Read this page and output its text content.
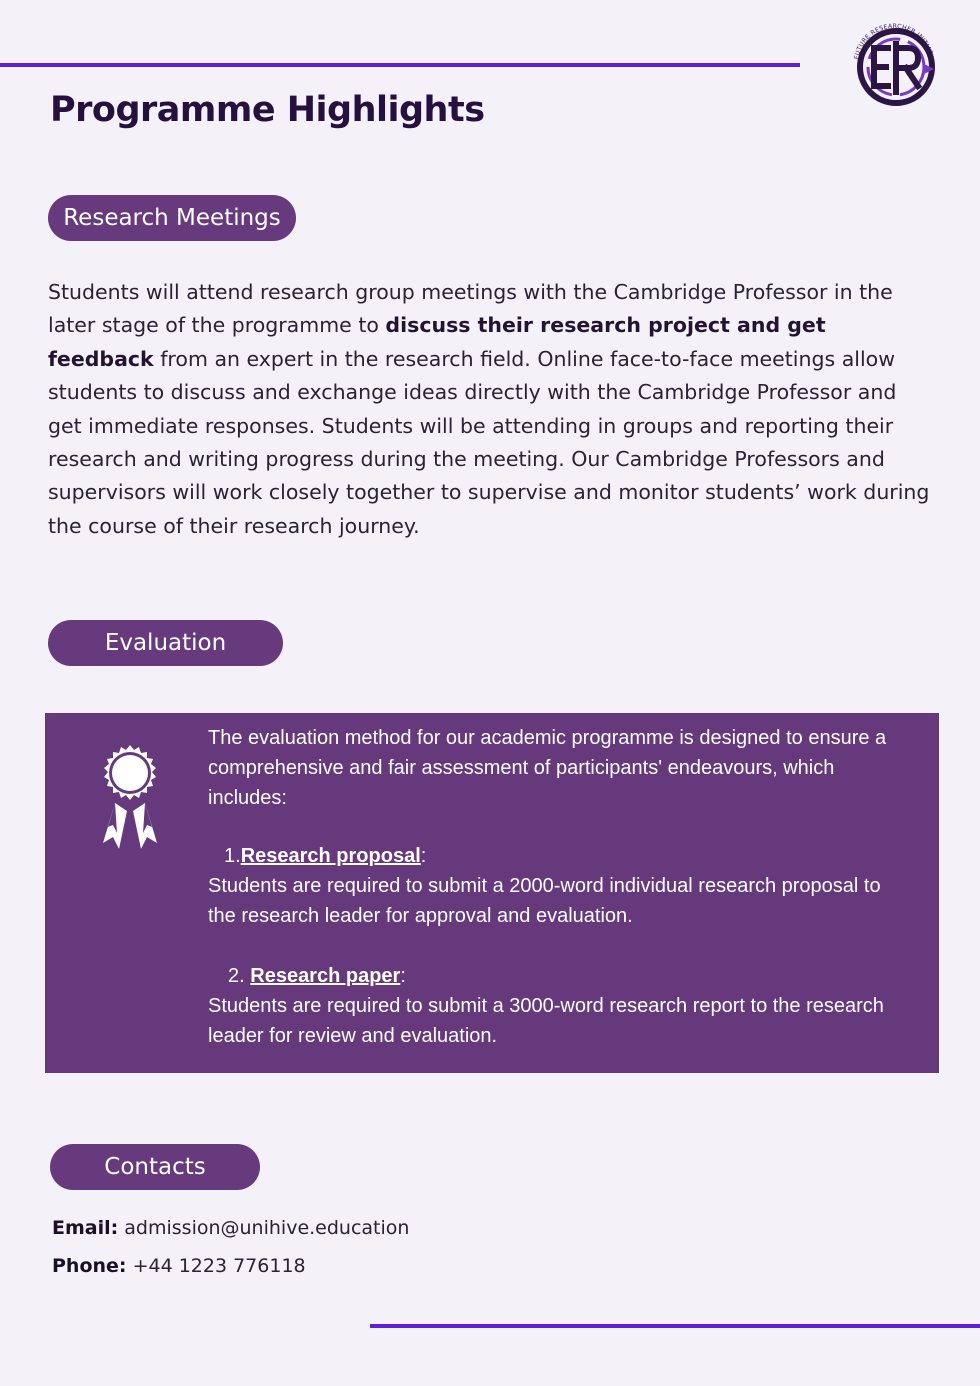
FUTURE RESEARCHER INITIATIVE
Programme Highlights
Research Meetings

Students will attend research group meetings with the Cambridge Professor in the later stage of the programme to discuss their research project and get feedback from an expert in the research field. Online face-to-face meetings allow students to discuss and exchange ideas directly with the Cambridge Professor and get immediate responses. Students will be attending in groups and reporting their research and writing progress during the meeting. Our Cambridge Professors and supervisors will work closely together to supervise and monitor students’ work during the course of their research journey.

Evaluation

The evaluation method for our academic programme is designed to ensure a comprehensive and fair assessment of participants' endeavours, which includes:

1.Research proposal:

Students are required to submit a 2000-word individual research proposal to the research leader for approval and evaluation.

2. Research paper:

Students are required to submit a 3000-word research report to the research leader for review and evaluation.

Contacts
Email: admission@unihive.education
Phone: +44 1223 776118
